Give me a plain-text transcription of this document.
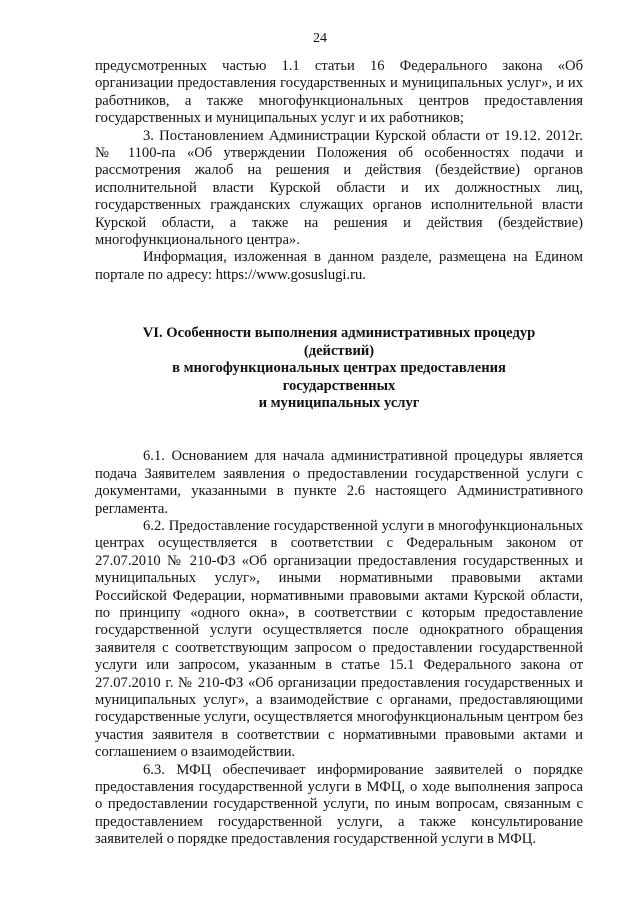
24

предусмотренных частью 1.1 статьи 16 Федерального закона «Об организации предоставления государственных и муниципальных услуг», и их работников, а также многофункциональных центров предоставления государственных и муниципальных услуг и их работников;

3. Постановлением Администрации Курской области от 19.12. 2012г. № 1100-па «Об утверждении Положения об особенностях подачи и рассмотрения жалоб на решения и действия (бездействие) органов исполнительной власти Курской области и их должностных лиц, государственных гражданских служащих органов исполнительной власти Курской области, а также на решения и действия (бездействие) многофункционального центра».

Информация, изложенная в данном разделе, размещена на Едином портале по адресу: https://www.gosuslugi.ru.

VI. Особенности выполнения административных процедур
(действий)
в многофункциональных центрах предоставления
государственных
и муниципальных услуг

6.1. Основанием для начала административной процедуры является подача Заявителем заявления о предоставлении государственной услуги с документами, указанными в пункте 2.6 настоящего Административного регламента.

6.2. Предоставление государственной услуги в многофункциональных центрах осуществляется в соответствии с Федеральным законом от 27.07.2010 № 210-ФЗ «Об организации предоставления государственных и муниципальных услуг», иными нормативными правовыми актами Российской Федерации, нормативными правовыми актами Курской области, по принципу «одного окна», в соответствии с которым предоставление государственной услуги осуществляется после однократного обращения заявителя с соответствующим запросом о предоставлении государственной услуги или запросом, указанным в статье 15.1 Федерального закона от 27.07.2010 г. № 210-ФЗ «Об организации предоставления государственных и муниципальных услуг», а взаимодействие с органами, предоставляющими государственные услуги, осуществляется многофункциональным центром без участия заявителя в соответствии с нормативными правовыми актами и соглашением о взаимодействии.

6.3. МФЦ обеспечивает информирование заявителей о порядке предоставления государственной услуги в МФЦ, о ходе выполнения запроса о предоставлении государственной услуги, по иным вопросам, связанным с предоставлением государственной услуги, а также консультирование заявителей о порядке предоставления государственной услуги в МФЦ.
